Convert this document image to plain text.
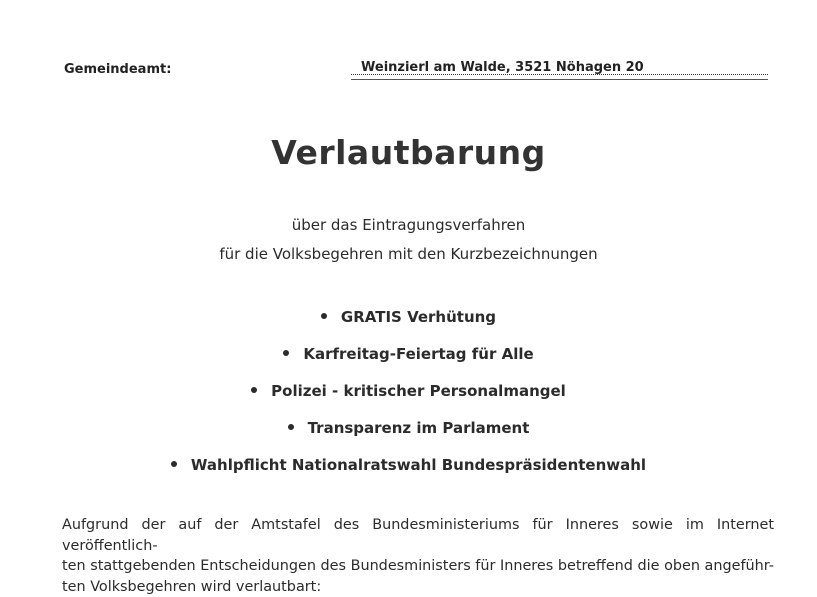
Gemeindeamt:	Weinzierl am Walde, 3521 Nöhagen 20
Verlautbarung
über das Eintragungsverfahren
für die Volksbegehren mit den Kurzbezeichnungen
GRATIS Verhütung
Karfreitag-Feiertag für Alle
Polizei - kritischer Personalmangel
Transparenz im Parlament
Wahlpflicht Nationalratswahl Bundespräsidentenwahl
Aufgrund der auf der Amtstafel des Bundesministeriums für Inneres sowie im Internet veröffentlich-
ten stattgebenden Entscheidungen des Bundesministers für Inneres betreffend die oben angeführ-
ten Volksbegehren wird verlautbart:
